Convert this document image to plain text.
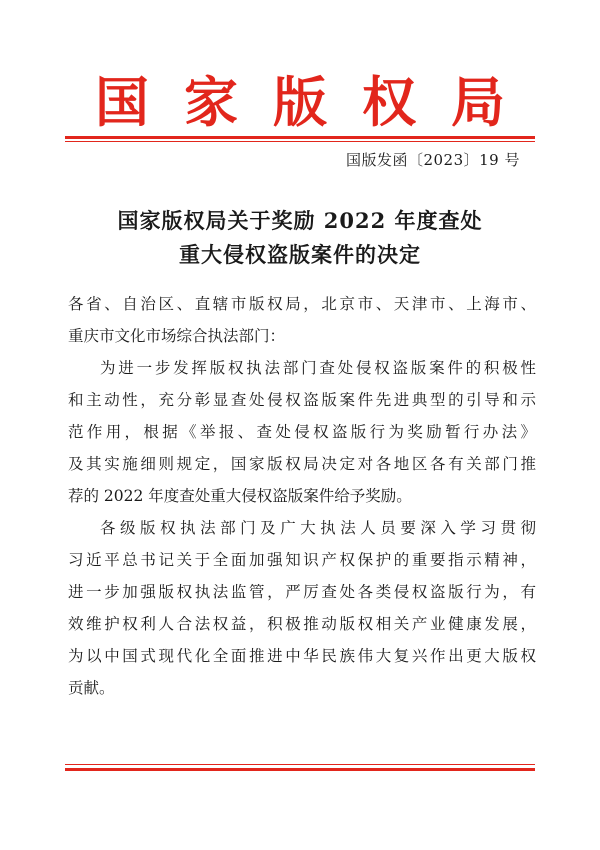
国 家 版 权 局
国版发函〔2023〕19 号
国家版权局关于奖励 2022 年度查处
重大侵权盗版案件的决定
各省、自治区、直辖市版权局，北京市、天津市、上海市、
重庆市文化市场综合执法部门：
为进一步发挥版权执法部门查处侵权盗版案件的积极性
和主动性，充分彰显查处侵权盗版案件先进典型的引导和示
范作用，根据《举报、查处侵权盗版行为奖励暂行办法》
及其实施细则规定，国家版权局决定对各地区各有关部门推
荐的 2022 年度查处重大侵权盗版案件给予奖励。
各级版权执法部门及广大执法人员要深入学习贯彻
习近平总书记关于全面加强知识产权保护的重要指示精神，
进一步加强版权执法监管，严厉查处各类侵权盗版行为，有
效维护权利人合法权益，积极推动版权相关产业健康发展，
为以中国式现代化全面推进中华民族伟大复兴作出更大版权
贡献。
